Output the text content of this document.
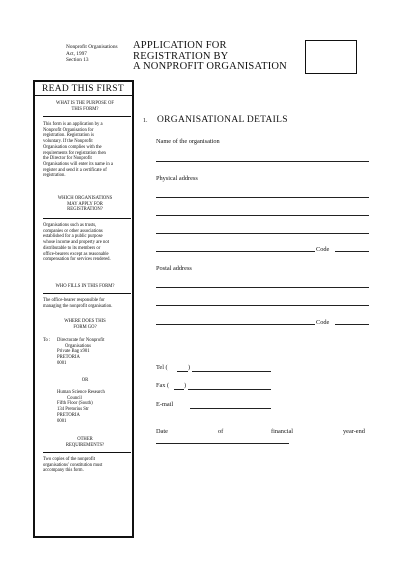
Nonprofit Organisations
Act, 1997
Section 13
APPLICATION FOR
REGISTRATION BY
A NONPROFIT ORGANISATION
READ THIS FIRST
WHAT IS THE PURPOSE OF
THIS FORM?
This form is an application by a
Nonprofit Organisation for
registration. Registration is
voluntary. If the Nonprofit
Organisation complies with the
requirements for registration then
the Director for Nonprofit
Organisations will enter its name in a
register and send it a certificate of
registration.
WHICH ORGANISATIONS
MAY APPLY FOR
REGISTRATION?
Organisations such as trusts,
companies or other associations
established for a public purpose
whose income and property are not
distributable to its members or
office-bearers except as reasonable
compensation for services rendered.
WHO FILLS IN THIS FORM?
The office-bearer responsible for
managing the nonprofit organisation.
WHERE DOES THIS
FORM GO?
To : Directorate for Nonprofit
Organisations
Private Bag x901
PRETORIA
0001
OR
Human Science Research
Council
Fifth Floor (South)
134 Pretorius Str
PRETORIA
0001
OTHER
REQUIREMENTS?
Two copies of the nonprofit
organisations' constitution must
accompany this form.
1. ORGANISATIONAL DETAILS
Name of the organisation
Physical address
Code
Postal address
Code
Tel (	)
Fax ( )
E-mail
Date	of	financial	year-end
